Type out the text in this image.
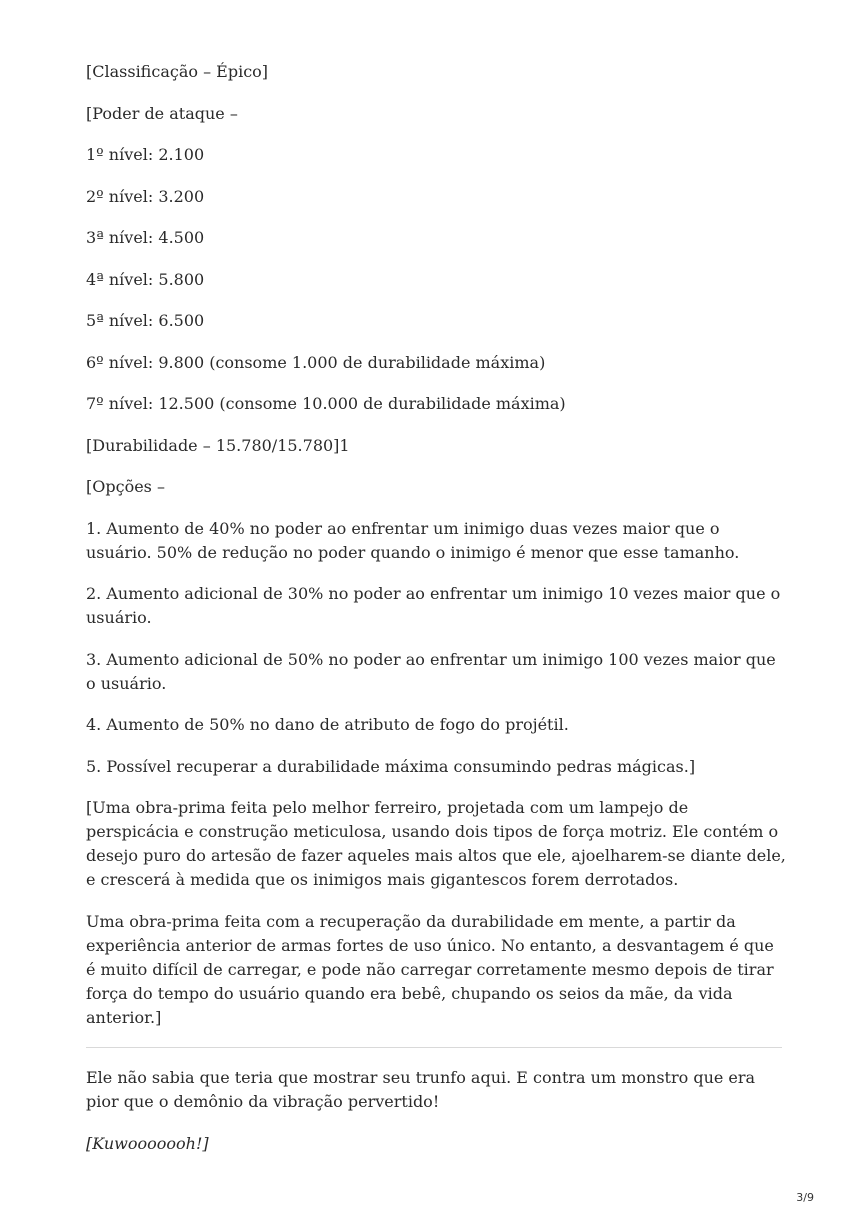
[Classificação – Épico]

[Poder de ataque –

1º nível: 2.100

2º nível: 3.200

3ª nível: 4.500

4ª nível: 5.800

5ª nível: 6.500

6º nível: 9.800 (consome 1.000 de durabilidade máxima)

7º nível: 12.500 (consome 10.000 de durabilidade máxima)

[Durabilidade – 15.780/15.780]1

[Opções –

1. Aumento de 40% no poder ao enfrentar um inimigo duas vezes maior que o usuário. 50% de redução no poder quando o inimigo é menor que esse tamanho.

2. Aumento adicional de 30% no poder ao enfrentar um inimigo 10 vezes maior que o usuário.

3. Aumento adicional de 50% no poder ao enfrentar um inimigo 100 vezes maior que o usuário.

4. Aumento de 50% no dano de atributo de fogo do projétil.

5. Possível recuperar a durabilidade máxima consumindo pedras mágicas.]

[Uma obra-prima feita pelo melhor ferreiro, projetada com um lampejo de perspicácia e construção meticulosa, usando dois tipos de força motriz. Ele contém o desejo puro do artesão de fazer aqueles mais altos que ele, ajoelharem-se diante dele, e crescerá à medida que os inimigos mais gigantescos forem derrotados.

Uma obra-prima feita com a recuperação da durabilidade em mente, a partir da experiência anterior de armas fortes de uso único. No entanto, a desvantagem é que é muito difícil de carregar, e pode não carregar corretamente mesmo depois de tirar força do tempo do usuário quando era bebê, chupando os seios da mãe, da vida anterior.]

Ele não sabia que teria que mostrar seu trunfo aqui. E contra um monstro que era pior que o demônio da vibração pervertido!

[Kuwooooooh!]

3/9
